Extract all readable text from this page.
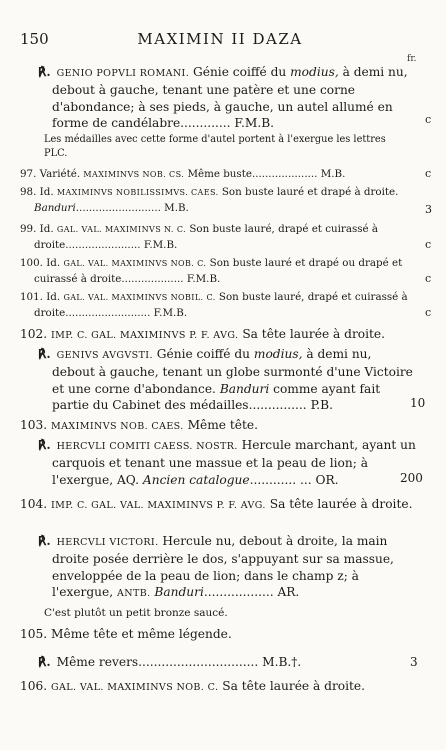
150	MAXIMIN II DAZA
fr.
℟. GENIO POPVLI ROMANI. Génie coiffé du modius, à demi nu, debout à gauche, tenant une patère et une corne d'abondance; à ses pieds, à gauche, un autel allumé en forme de candélabre............. F.M.B.	c
Les médailles avec cette forme d'autel portent à l'exergue les lettres PLC.
97. Variété. MAXIMINVS NOB. CS. Même buste.................... M.B.	c
98. Id. MAXIMINVS NOBILISSIMVS. CAES. Son buste lauré et drapé à droite. Banduri.......................... M.B.	3
99. Id. GAL. VAL. MAXIMINVS N. C. Son buste lauré, drapé et cuirassé à droite....................... F.M.B.	c
100. Id. GAL. VAL. MAXIMINVS NOB. C. Son buste lauré et drapé ou drapé et cuirassé à droite................... F.M.B.	c
101. Id. GAL. VAL. MAXIMINVS NOBIL. C. Son buste lauré, drapé et cuirassé à droite.......................... F.M.B.	c
102. IMP. C. GAL. MAXIMINVS P. F. AVG. Sa tête laurée à droite.
℟. GENIVS AVGVSTI. Génie coiffé du modius, à demi nu, debout à gauche, tenant un globe surmonté d'une Victoire et une corne d'abondance. Banduri comme ayant fait partie du Cabinet des médailles............... P.B.	10
103. MAXIMINVS NOB. CAES. Même tête.
℟. HERCVLI COMITI CAESS. NOSTR. Hercule marchant, ayant un carquois et tenant une massue et la peau de lion; à l'exergue, AQ. Ancien catalogue............ ... OR.	200
104. IMP. C. GAL. VAL. MAXIMINVS P. F. AVG. Sa tête laurée à droite.
℟. HERCVLI VICTORI. Hercule nu, debout à droite, la main droite posée derrière le dos, s'appuyant sur sa massue, enveloppée de la peau de lion; dans le champ z; à l'exergue, ANTB. Banduri.................. AR.
C'est plutôt un petit bronze saucé.
105. Même tête et même légende.
℟. Même revers............................... M.B.†.	3
106. GAL. VAL. MAXIMINVS NOB. C. Sa tête laurée à droite.
